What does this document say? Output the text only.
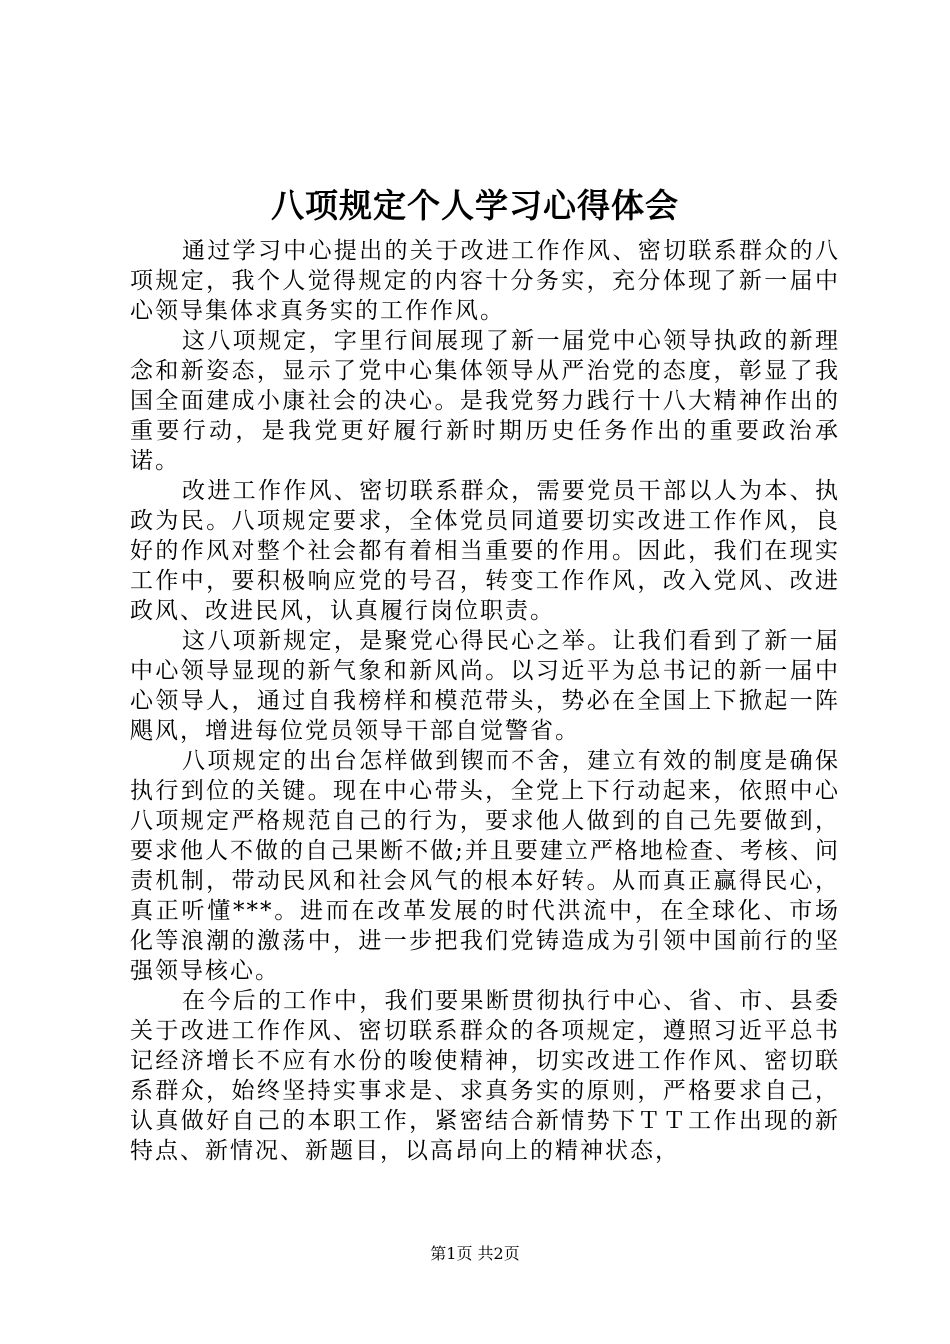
八项规定个人学习心得体会

通过学习中心提出的关于改进工作作风、密切联系群众的八项规定，我个人觉得规定的内容十分务实，充分体现了新一届中心领导集体求真务实的工作作风。

这八项规定，字里行间展现了新一届党中心领导执政的新理念和新姿态，显示了党中心集体领导从严治党的态度，彰显了我国全面建成小康社会的决心。是我党努力践行十八大精神作出的重要行动，是我党更好履行新时期历史任务作出的重要政治承诺。

改进工作作风、密切联系群众，需要党员干部以人为本、执政为民。八项规定要求，全体党员同道要切实改进工作作风，良好的作风对整个社会都有着相当重要的作用。因此，我们在现实工作中，要积极响应党的号召，转变工作作风，改入党风、改进政风、改进民风，认真履行岗位职责。

这八项新规定，是聚党心得民心之举。让我们看到了新一届中心领导显现的新气象和新风尚。以习近平为总书记的新一届中心领导人，通过自我榜样和模范带头，势必在全国上下掀起一阵飓风，增进每位党员领导干部自觉警省。

八项规定的出台怎样做到锲而不舍，建立有效的制度是确保执行到位的关键。现在中心带头，全党上下行动起来，依照中心八项规定严格规范自己的行为，要求他人做到的自己先要做到，要求他人不做的自己果断不做;并且要建立严格地检查、考核、问责机制，带动民风和社会风气的根本好转。从而真正赢得民心，真正听懂***。进而在改革发展的时代洪流中，在全球化、市场化等浪潮的激荡中，进一步把我们党铸造成为引领中国前行的坚强领导核心。

在今后的工作中，我们要果断贯彻执行中心、省、市、县委关于改进工作作风、密切联系群众的各项规定，遵照习近平总书记经济增长不应有水份的唆使精神，切实改进工作作风、密切联系群众，始终坚持实事求是、求真务实的原则，严格要求自己，认真做好自己的本职工作，紧密结合新情势下ＴＴ工作出现的新特点、新情况、新题目，以高昂向上的精神状态，

第1页 共2页
